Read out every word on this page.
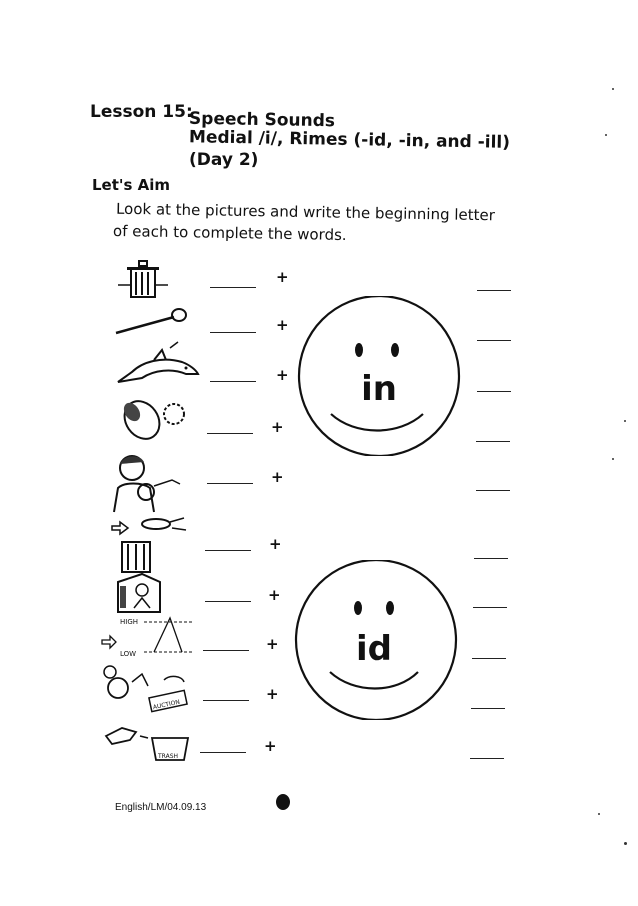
Lesson 15:
Speech Sounds
Medial /i/, Rimes (-id, -in, and -ill)
(Day 2)
Let's Aim
Look at the pictures and write the beginning letter
of each to complete the words.
HIGH
LOW
AUCTION
TRASH
+
+
+
+
+
+
+
+
+
+
in
id
English/LM/04.09.13
